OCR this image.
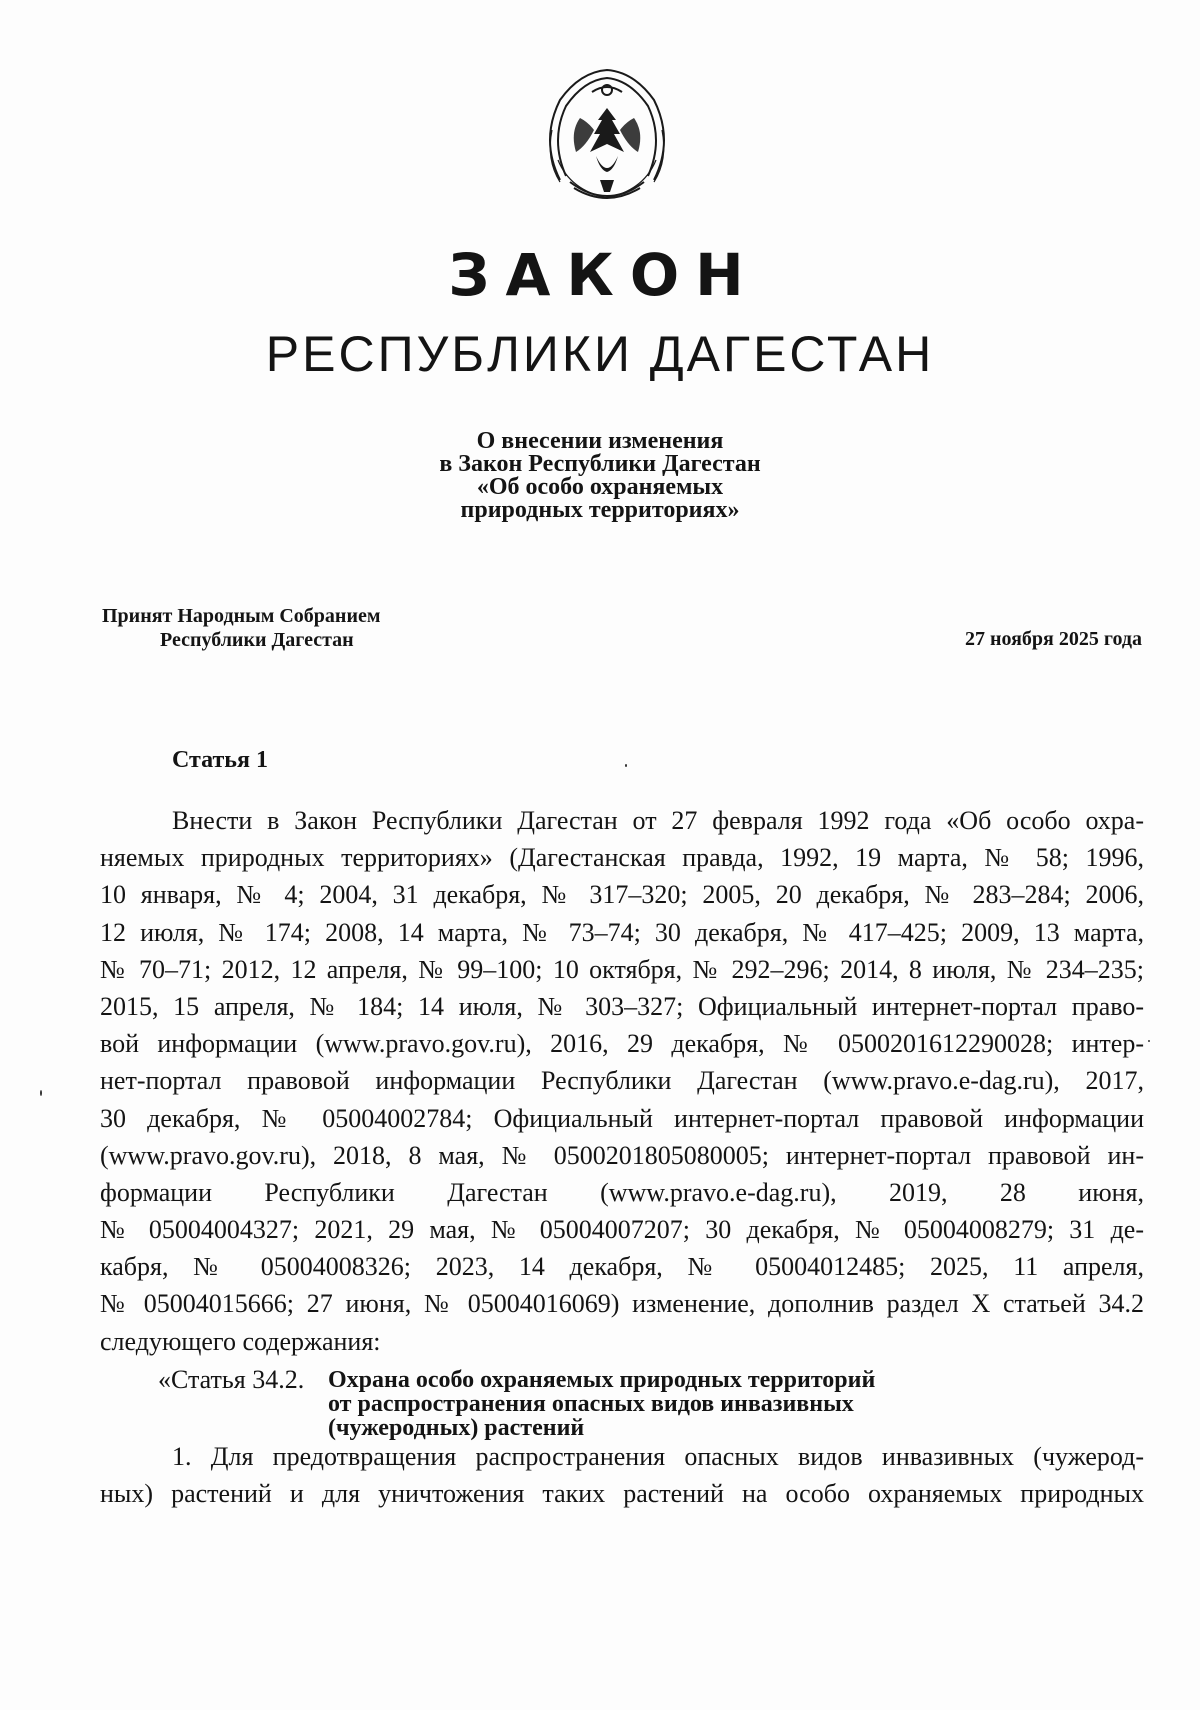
ЗАКОН
РЕСПУБЛИКИ ДАГЕСТАН
О внесении изменения
в Закон Республики Дагестан
«Об особо охраняемых
природных территориях»
Принят Народным Собранием
Республики Дагестан	27 ноября 2025 года
Статья 1
Внести в Закон Республики Дагестан от 27 февраля 1992 года «Об особо охра-
няемых природных территориях» (Дагестанская правда, 1992, 19 марта, № 58; 1996,
10 января, № 4; 2004, 31 декабря, № 317–320; 2005, 20 декабря, № 283–284; 2006,
12 июля, № 174; 2008, 14 марта, № 73–74; 30 декабря, № 417–425; 2009, 13 марта,
№ 70–71; 2012, 12 апреля, № 99–100; 10 октября, № 292–296; 2014, 8 июля, № 234–235;
2015, 15 апреля, № 184; 14 июля, № 303–327; Официальный интернет-портал право-
вой информации (www.pravo.gov.ru), 2016, 29 декабря, № 0500201612290028; интер-
нет-портал правовой информации Республики Дагестан (www.pravo.e-dag.ru), 2017,
30 декабря, № 05004002784; Официальный интернет-портал правовой информации
(www.pravo.gov.ru), 2018, 8 мая, № 0500201805080005; интернет-портал правовой ин-
формации Республики Дагестан (www.pravo.e-dag.ru), 2019, 28 июня,
№ 05004004327; 2021, 29 мая, № 05004007207; 30 декабря, № 05004008279; 31 де-
кабря, № 05004008326; 2023, 14 декабря, № 05004012485; 2025, 11 апреля,
№ 05004015666; 27 июня, № 05004016069) изменение, дополнив раздел X статьей 34.2
следующего содержания:
«Статья 34.2. Охрана особо охраняемых природных территорий
от распространения опасных видов инвазивных
(чужеродных) растений
1. Для предотвращения распространения опасных видов инвазивных (чужерод-
ных) растений и для уничтожения таких растений на особо охраняемых природных
